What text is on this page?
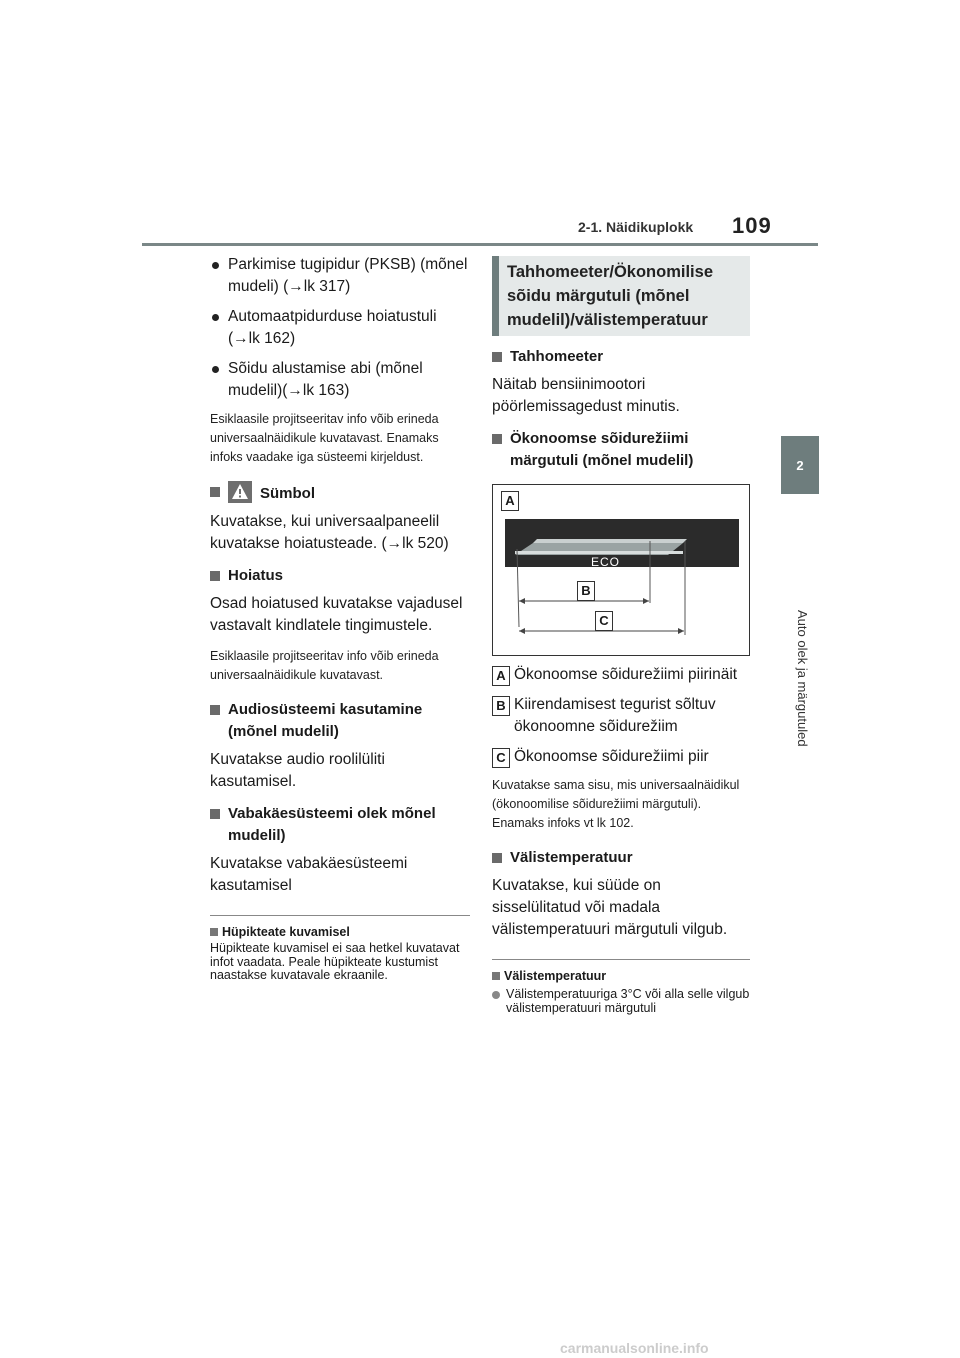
2-1. Näidikuplokk 109
2
Auto olek ja märgutuled
Parkimise tugipidur (PKSB) (mõnel mudeli) (→lk 317)
Automaatpidurduse hoiatustuli (→lk 162)
Sõidu alustamise abi (mõnel mudelil)(→lk 163)
Esiklaasile projitseeritav info võib erineda universaalnäidikule kuvatavast. Enamaks infoks vaadake iga süsteemi kirjeldust.
Sümbol
Kuvatakse, kui universaalpaneelil kuvatakse hoiatusteade. (→lk 520)
Hoiatus
Osad hoiatused kuvatakse vajadusel vastavalt kindlatele tingimustele.
Esiklaasile projitseeritav info võib erineda universaalnäidikule kuvatavast.
Audiosüsteemi kasutamine (mõnel mudelil)
Kuvatakse audio roolilüliti kasutamisel.
Vabakäesüsteemi olek mõnel mudelil)
Kuvatakse vabakäesüsteemi kasutamisel
Hüpikteate kuvamisel
Hüpikteate kuvamisel ei saa hetkel kuvatavat infot vaadata. Peale hüpikteate kustumist naastakse kuvatavale ekraanile.
Tahhomeeter/Ökonomilise sõidu märgutuli (mõnel mudelil)/välistemperatuur
Tahhomeeter
Näitab bensiinimootori pöörlemissagedust minutis.
Ökonoomse sõidurežiimi märgutuli (mõnel mudelil)
A
ECO
B
C
A Ökonoomse sõidurežiimi piirinäit
B Kiirendamisest tegurist sõltuv ökonoomne sõidurežiim
C Ökonoomse sõidurežiimi piir
Kuvatakse sama sisu, mis universaalnäidikul (ökonoomilise sõidurežiimi märgutuli). Enamaks infoks vt lk 102.
Välistemperatuur
Kuvatakse, kui süüde on sisselülitatud või madala välistemperatuuri märgutuli vilgub.
Välistemperatuur
Välistemperatuuriga 3°C või alla selle vilgub välistemperatuuri märgutuli
carmanualsonline.info
